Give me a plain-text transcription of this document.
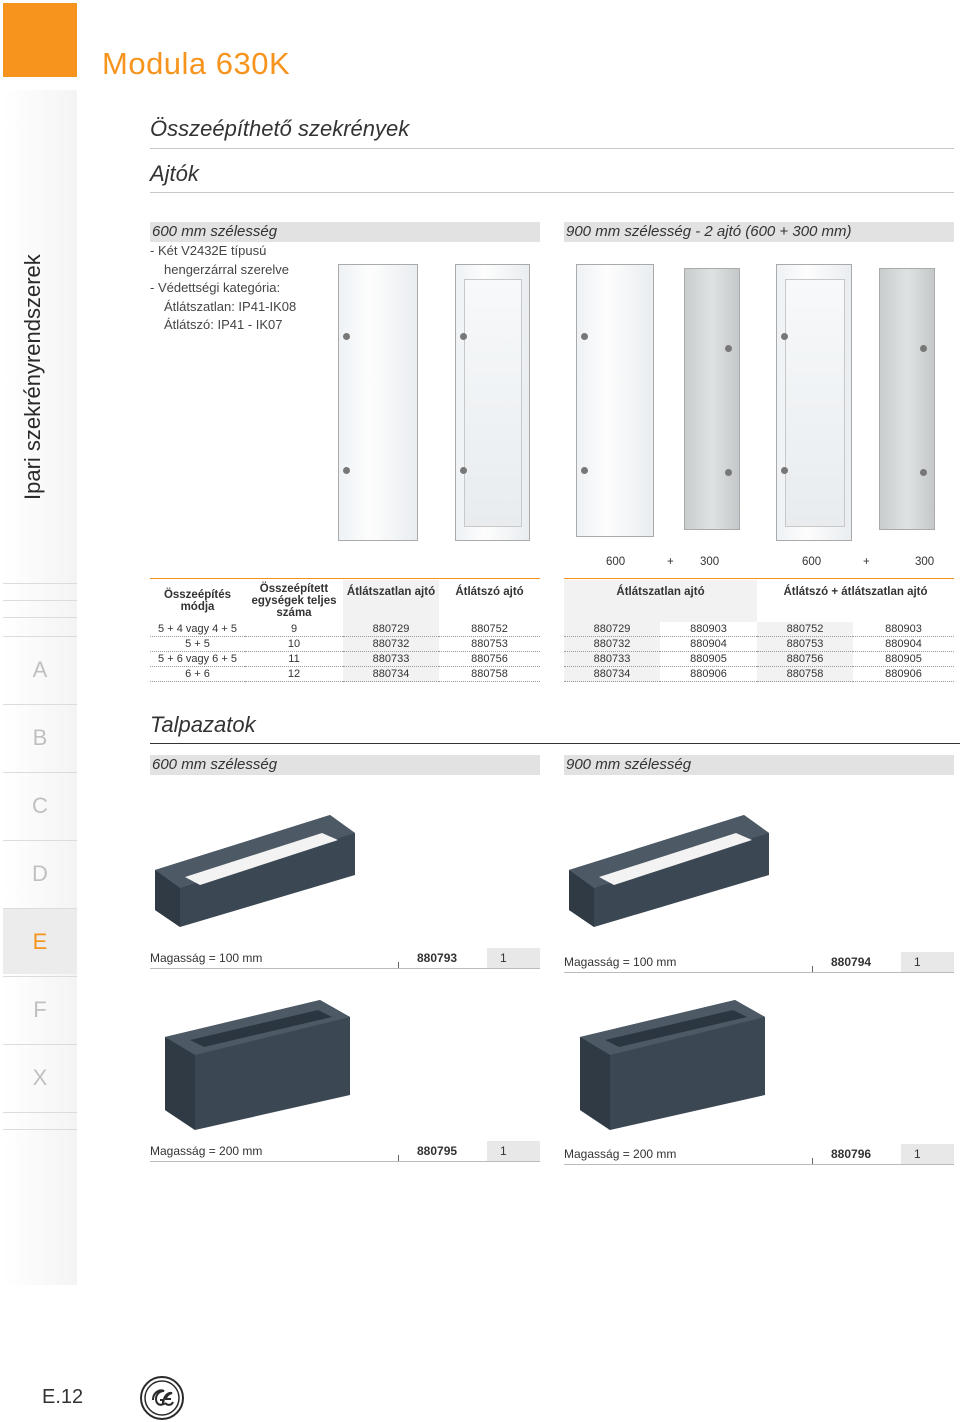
Modula 630K
Összeépíthető szekrények
Ajtók
Ipari szekrényrendszerek
A
B
C
D
E
F
X
600 mm szélesség
- Két V2432E típusú
hengerzárral szerelve
- Védettségi kategória:
Átlátszatlan: IP41-IK08
Átlátszó: IP41 - IK07
900 mm szélesség - 2 ajtó (600 + 300 mm)
600	+ 300	600	+	300
Összeépítés módja	Összeépített egységek teljes száma	Átlátszatlan ajtó	Átlátszó ajtó
5 + 4 vagy 4 + 5	9	880729	880752
5 + 5	10	880732	880753
5 + 6 vagy 6 + 5	11	880733	880756
6 + 6	12	880734	880758
Átlátszatlan ajtó		Átlátszó + átlátszatlan ajtó	
880729	880903	880752	880903
880732	880904	880753	880904
880733	880905	880756	880905
880734	880906	880758	880906
Talpazatok
600 mm szélesség	900 mm szélesség
Magasság = 100 mm	880793	1	Magasság = 100 mm	880794	1
Magasság = 200 mm	880795	1	Magasság = 200 mm	880796	1
E.12
